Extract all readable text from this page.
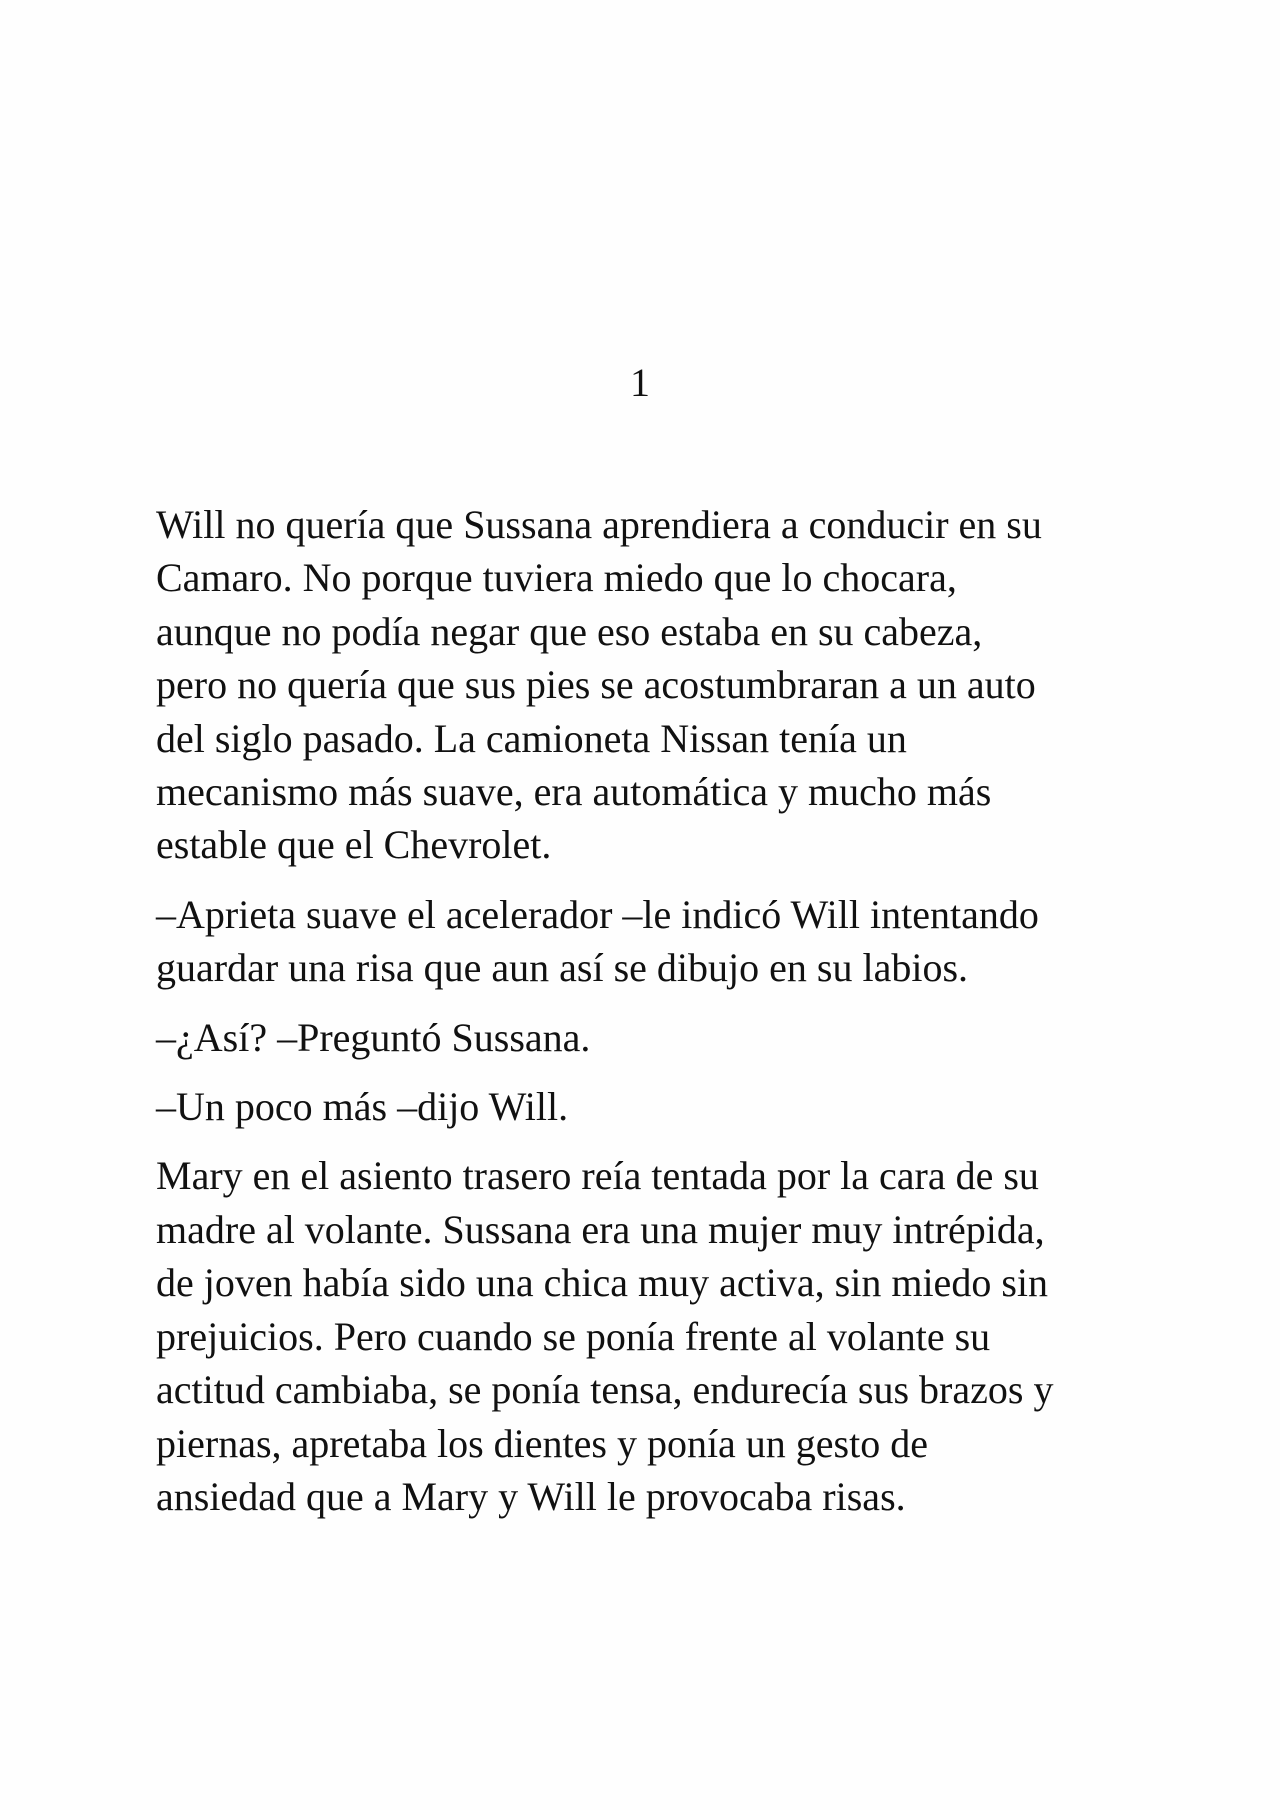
1

Will no quería que Sussana aprendiera a conducir en su
Camaro. No porque tuviera miedo que lo chocara,
aunque no podía negar que eso estaba en su cabeza,
pero no quería que sus pies se acostumbraran a un auto
del siglo pasado. La camioneta Nissan tenía un
mecanismo más suave, era automática y mucho más
estable que el Chevrolet.

–Aprieta suave el acelerador –le indicó Will intentando
guardar una risa que aun así se dibujo en su labios.

–¿Así? –Preguntó Sussana.

–Un poco más –dijo Will.

Mary en el asiento trasero reía tentada por la cara de su
madre al volante. Sussana era una mujer muy intrépida,
de joven había sido una chica muy activa, sin miedo sin
prejuicios. Pero cuando se ponía frente al volante su
actitud cambiaba, se ponía tensa, endurecía sus brazos y
piernas, apretaba los dientes y ponía un gesto de
ansiedad que a Mary y Will le provocaba risas.
